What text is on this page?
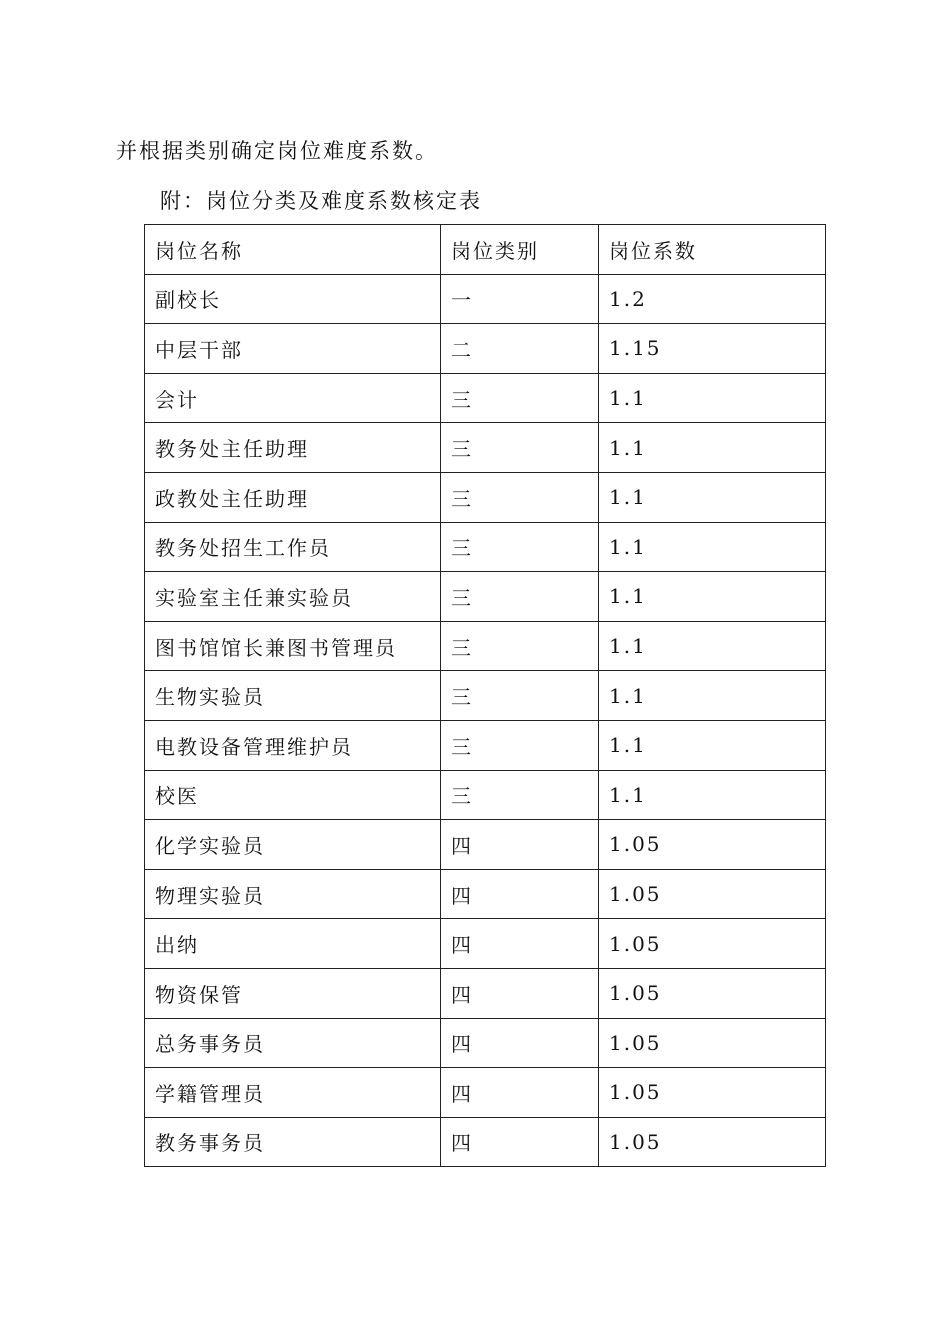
并根据类别确定岗位难度系数。
附：岗位分类及难度系数核定表
岗位名称	岗位类别	岗位系数
副校长	一	1.2
中层干部	二	1.15
会计	三	1.1
教务处主任助理	三	1.1
政教处主任助理	三	1.1
教务处招生工作员	三	1.1
实验室主任兼实验员	三	1.1
图书馆馆长兼图书管理员	三	1.1
生物实验员	三	1.1
电教设备管理维护员	三	1.1
校医	三	1.1
化学实验员	四	1.05
物理实验员	四	1.05
出纳	四	1.05
物资保管	四	1.05
总务事务员	四	1.05
学籍管理员	四	1.05
教务事务员	四	1.05
